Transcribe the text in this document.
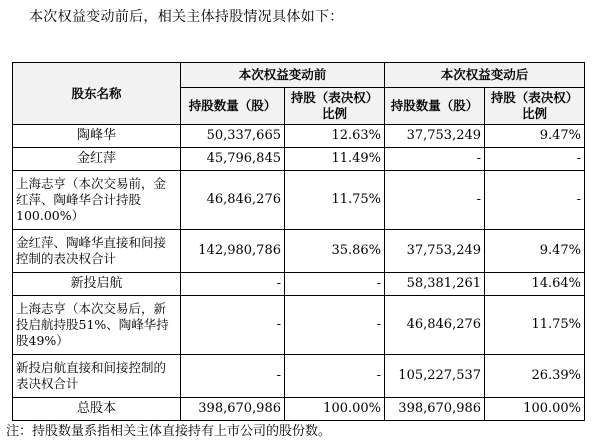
本次权益变动前后，相关主体持股情况具体如下：
股东名称	本次权益变动前		本次权益变动后	
	持股数量（股）	持股（表决权）比例	持股数量（股）	持股（表决权）比例
陶峰华	50,337,665	12.63%	37,753,249	9.47%
金红萍	45,796,845	11.49%	-	-
上海志亨（本次交易前，金红萍、陶峰华合计持股100.00%）	46,846,276	11.75%	-	-
金红萍、陶峰华直接和间接控制的表决权合计	142,980,786	35.86%	37,753,249	9.47%
新投启航	-	-	58,381,261	14.64%
上海志亨（本次交易后，新投启航持股51%、陶峰华持股49%）	-	-	46,846,276	11.75%
新投启航直接和间接控制的表决权合计	-	-	105,227,537	26.39%
总股本	398,670,986	100.00%	398,670,986	100.00%
注：持股数量系指相关主体直接持有上市公司的股份数。
